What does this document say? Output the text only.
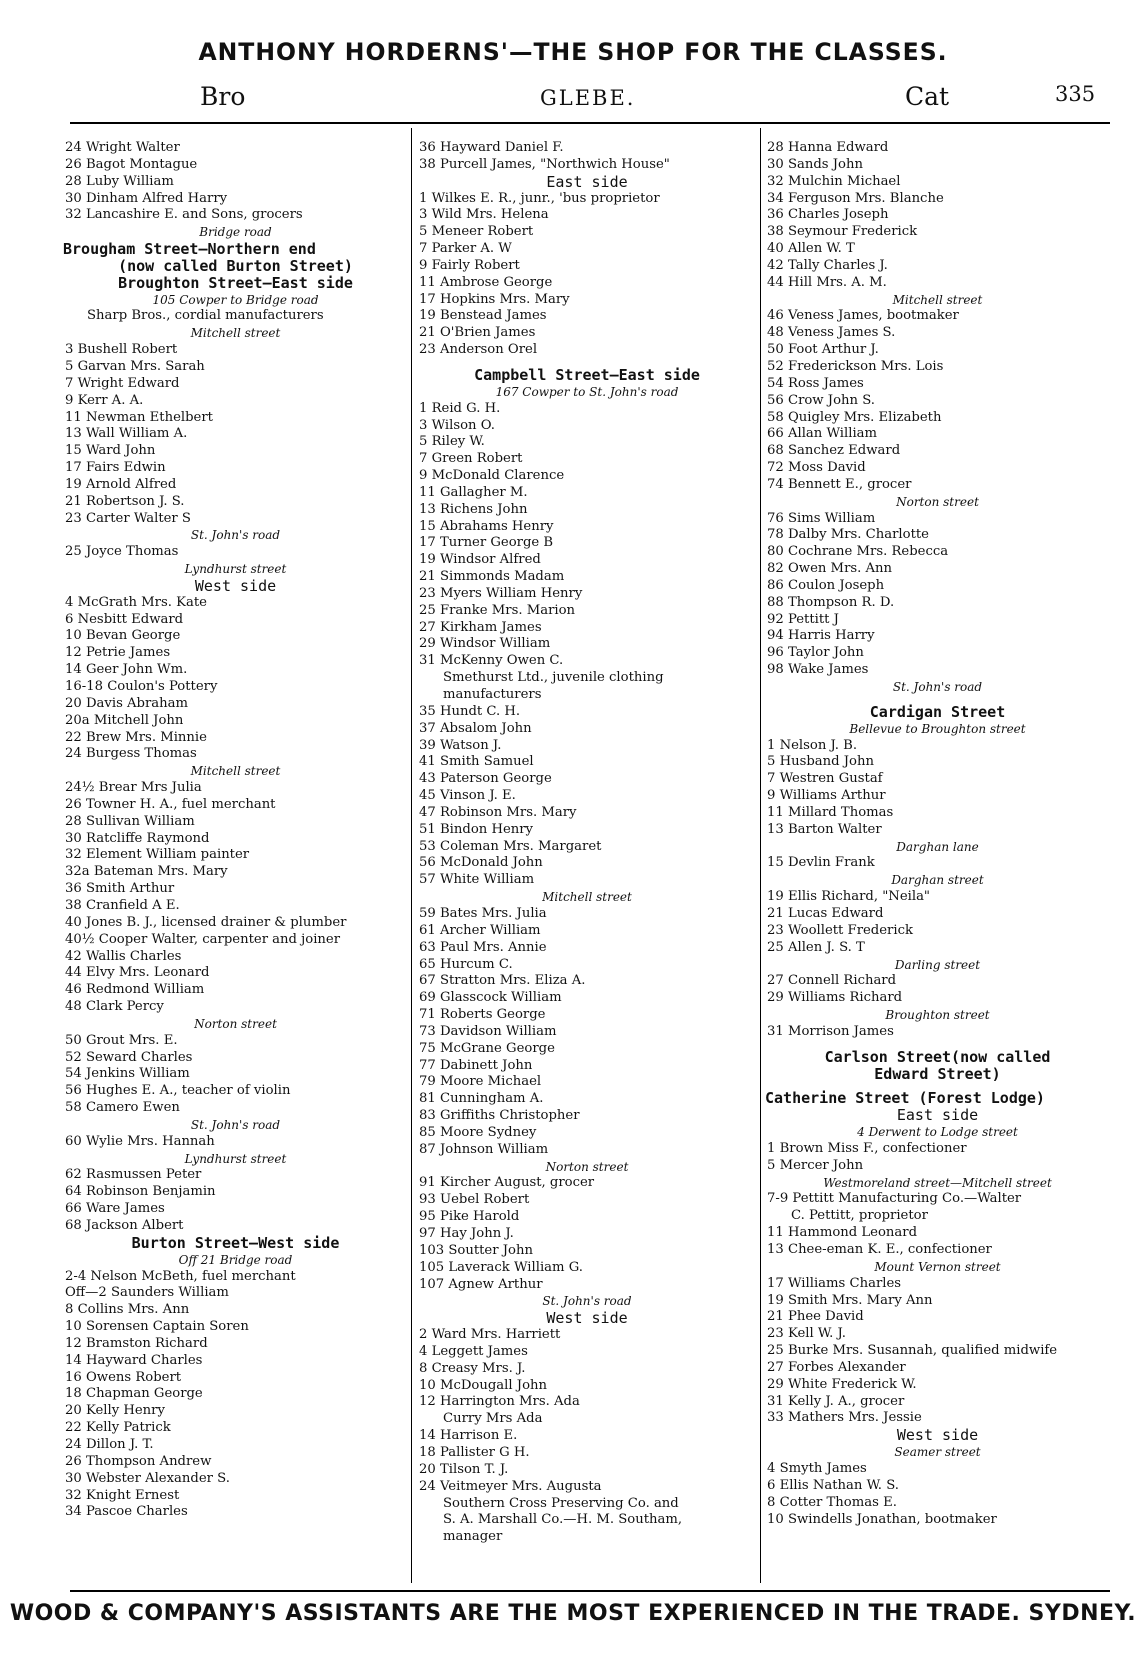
ANTHONY HORDERNS'—THE SHOP FOR THE CLASSES.
Bro	GLEBE.	Cat	335
24 Wright Walter
26 Bagot Montague
28 Luby William
30 Dinham Alfred Harry
32 Lancashire E. and Sons, grocers
Bridge road
Brougham Street—Northern end
(now called Burton Street)
Broughton Street—East side
105 Cowper to Bridge road
Sharp Bros., cordial manufacturers
Mitchell street
3 Bushell Robert
5 Garvan Mrs. Sarah
7 Wright Edward
9 Kerr A. A.
11 Newman Ethelbert
13 Wall William A.
15 Ward John
17 Fairs Edwin
19 Arnold Alfred
21 Robertson J. S.
23 Carter Walter S
St. John's road
25 Joyce Thomas
Lyndhurst street
West side
4 McGrath Mrs. Kate
6 Nesbitt Edward
10 Bevan George
12 Petrie James
14 Geer John Wm.
16-18 Coulon's Pottery
20 Davis Abraham
20a Mitchell John
22 Brew Mrs. Minnie
24 Burgess Thomas
Mitchell street
24½ Brear Mrs Julia
26 Towner H. A., fuel merchant
28 Sullivan William
30 Ratcliffe Raymond
32 Element William painter
32a Bateman Mrs. Mary
36 Smith Arthur
38 Cranfield A E.
40 Jones B. J., licensed drainer & plumber
40½ Cooper Walter, carpenter and joiner
42 Wallis Charles
44 Elvy Mrs. Leonard
46 Redmond William
48 Clark Percy
Norton street
50 Grout Mrs. E.
52 Seward Charles
54 Jenkins William
56 Hughes E. A., teacher of violin
58 Camero Ewen
St. John's road
60 Wylie Mrs. Hannah
Lyndhurst street
62 Rasmussen Peter
64 Robinson Benjamin
66 Ware James
68 Jackson Albert
Burton Street—West side
Off 21 Bridge road
2-4 Nelson McBeth, fuel merchant
Off—2 Saunders William
8 Collins Mrs. Ann
10 Sorensen Captain Soren
12 Bramston Richard
14 Hayward Charles
16 Owens Robert
18 Chapman George
20 Kelly Henry
22 Kelly Patrick
24 Dillon J. T.
26 Thompson Andrew
30 Webster Alexander S.
32 Knight Ernest
34 Pascoe Charles
36 Hayward Daniel F.
38 Purcell James, "Northwich House"
East side
1 Wilkes E. R., junr., 'bus proprietor
3 Wild Mrs. Helena
5 Meneer Robert
7 Parker A. W
9 Fairly Robert
11 Ambrose George
17 Hopkins Mrs. Mary
19 Benstead James
21 O'Brien James
23 Anderson Orel
Campbell Street—East side
167 Cowper to St. John's road
1 Reid G. H.
3 Wilson O.
5 Riley W.
7 Green Robert
9 McDonald Clarence
11 Gallagher M.
13 Richens John
15 Abrahams Henry
17 Turner George B
19 Windsor Alfred
21 Simmonds Madam
23 Myers William Henry
25 Franke Mrs. Marion
27 Kirkham James
29 Windsor William
31 McKenny Owen C.
Smethurst Ltd., juvenile clothing
manufacturers
35 Hundt C. H.
37 Absalom John
39 Watson J.
41 Smith Samuel
43 Paterson George
45 Vinson J. E.
47 Robinson Mrs. Mary
51 Bindon Henry
53 Coleman Mrs. Margaret
56 McDonald John
57 White William
Mitchell street
59 Bates Mrs. Julia
61 Archer William
63 Paul Mrs. Annie
65 Hurcum C.
67 Stratton Mrs. Eliza A.
69 Glasscock William
71 Roberts George
73 Davidson William
75 McGrane George
77 Dabinett John
79 Moore Michael
81 Cunningham A.
83 Griffiths Christopher
85 Moore Sydney
87 Johnson William
Norton street
91 Kircher August, grocer
93 Uebel Robert
95 Pike Harold
97 Hay John J.
103 Soutter John
105 Laverack William G.
107 Agnew Arthur
St. John's road
West side
2 Ward Mrs. Harriett
4 Leggett James
8 Creasy Mrs. J.
10 McDougall John
12 Harrington Mrs. Ada
Curry Mrs Ada
14 Harrison E.
18 Pallister G H.
20 Tilson T. J.
24 Veitmeyer Mrs. Augusta
Southern Cross Preserving Co. and
S. A. Marshall Co.—H. M. Southam,
manager
28 Hanna Edward
30 Sands John
32 Mulchin Michael
34 Ferguson Mrs. Blanche
36 Charles Joseph
38 Seymour Frederick
40 Allen W. T
42 Tally Charles J.
44 Hill Mrs. A. M.
Mitchell street
46 Veness James, bootmaker
48 Veness James S.
50 Foot Arthur J.
52 Frederickson Mrs. Lois
54 Ross James
56 Crow John S.
58 Quigley Mrs. Elizabeth
66 Allan William
68 Sanchez Edward
72 Moss David
74 Bennett E., grocer
Norton street
76 Sims William
78 Dalby Mrs. Charlotte
80 Cochrane Mrs. Rebecca
82 Owen Mrs. Ann
86 Coulon Joseph
88 Thompson R. D.
92 Pettitt J
94 Harris Harry
96 Taylor John
98 Wake James
St. John's road
Cardigan Street
Bellevue to Broughton street
1 Nelson J. B.
5 Husband John
7 Westren Gustaf
9 Williams Arthur
11 Millard Thomas
13 Barton Walter
Darghan lane
15 Devlin Frank
Darghan street
19 Ellis Richard, "Neila"
21 Lucas Edward
23 Woollett Frederick
25 Allen J. S. T
Darling street
27 Connell Richard
29 Williams Richard
Broughton street
31 Morrison James
Carlson Street(now called
Edward Street)
Catherine Street (Forest Lodge)
East side
4 Derwent to Lodge street
1 Brown Miss F., confectioner
5 Mercer John
Westmoreland street—Mitchell street
7-9 Pettitt Manufacturing Co.—Walter
C. Pettitt, proprietor
11 Hammond Leonard
13 Chee-eman K. E., confectioner
Mount Vernon street
17 Williams Charles
19 Smith Mrs. Mary Ann
21 Phee David
23 Kell W. J.
25 Burke Mrs. Susannah, qualified midwife
27 Forbes Alexander
29 White Frederick W.
31 Kelly J. A., grocer
33 Mathers Mrs. Jessie
West side
Seamer street
4 Smyth James
6 Ellis Nathan W. S.
8 Cotter Thomas E.
10 Swindells Jonathan, bootmaker
WOOD & COMPANY'S ASSISTANTS ARE THE MOST EXPERIENCED IN THE TRADE. SYDNEY.
